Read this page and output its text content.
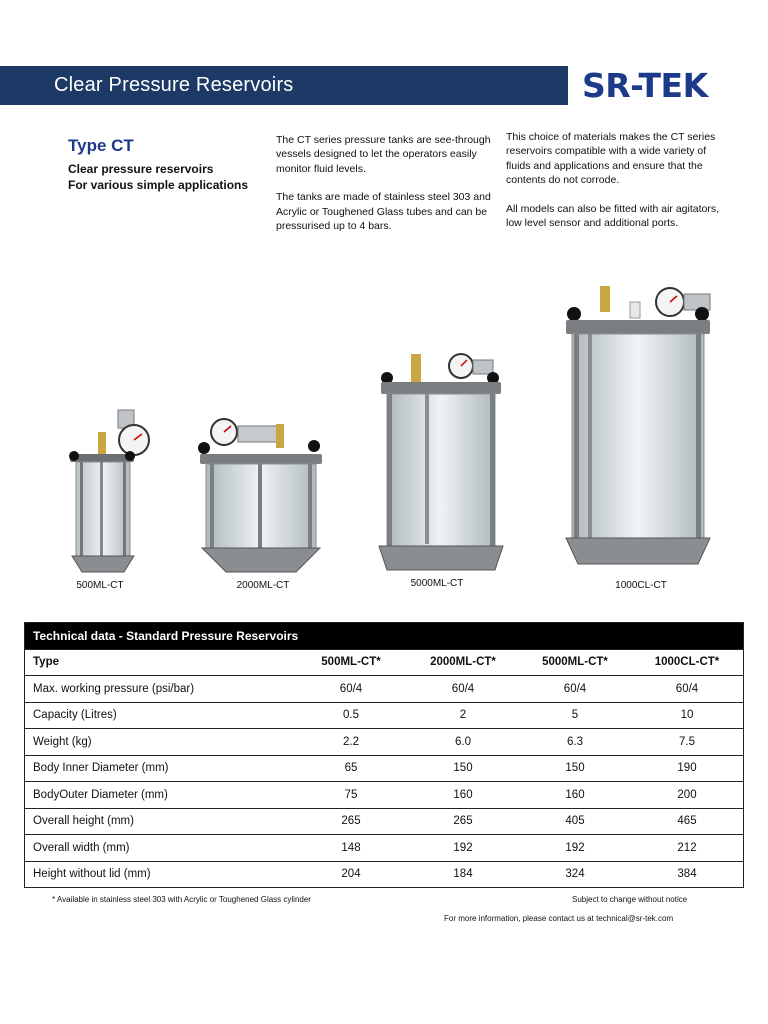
Clear Pressure Reservoirs	SR-TEK
Type CT
Clear pressure reservoirs
For various simple applications

The CT series pressure tanks are see-through vessels designed to let the operators easily monitor fluid levels.

The tanks are made of stainless steel 303 and Acrylic or Toughened Glass tubes and can be pressurised up to 4 bars.

This choice of materials makes the CT series reservoirs compatible with a wide variety of fluids and applications and ensure that the contents do not corrode.

All models can also be fitted with air agitators, low level sensor and additional ports.

500ML-CT	2000ML-CT	5000ML-CT	1000CL-CT
Technical data - Standard Pressure Reservoirs				
Type	500ML-CT*	2000ML-CT*	5000ML-CT*	1000CL-CT*
Max. working pressure (psi/bar)	60/4	60/4	60/4	60/4
Capacity (Litres)	0.5	2	5	10
Weight (kg)	2.2	6.0	6.3	7.5
Body Inner Diameter (mm)	65	150	150	190
BodyOuter Diameter (mm)	75	160	160	200
Overall height (mm)	265	265	405	465
Overall width (mm)	148	192	192	212
Height without lid (mm)	204	184	324	384
* Available in stainless steel 303 with Acrylic or Toughened Glass cylinder	Subject to change without notice
For more information, please contact us at technical@sr-tek.com
